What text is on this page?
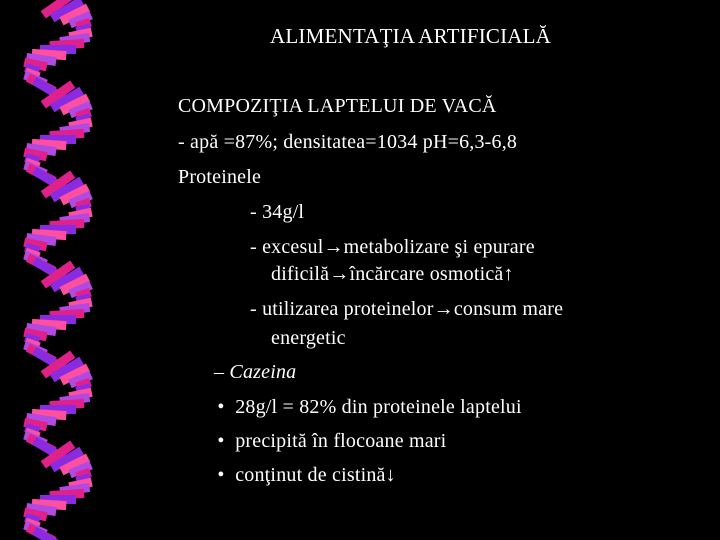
ALIMENTAŢIA ARTIFICIALĂ
COMPOZIŢIA LAPTELUI DE VACĂ
- apă =87%; densitatea=1034 pH=6,3-6,8
Proteinele
- 34g/l
- excesul→metabolizare şi epurare
dificilă→încărcare osmotică↑
- utilizarea proteinelor→consum mare
energetic
– Cazeina
• 28g/l = 82% din proteinele laptelui
• precipită în flocoane mari
• conţinut de cistină↓
